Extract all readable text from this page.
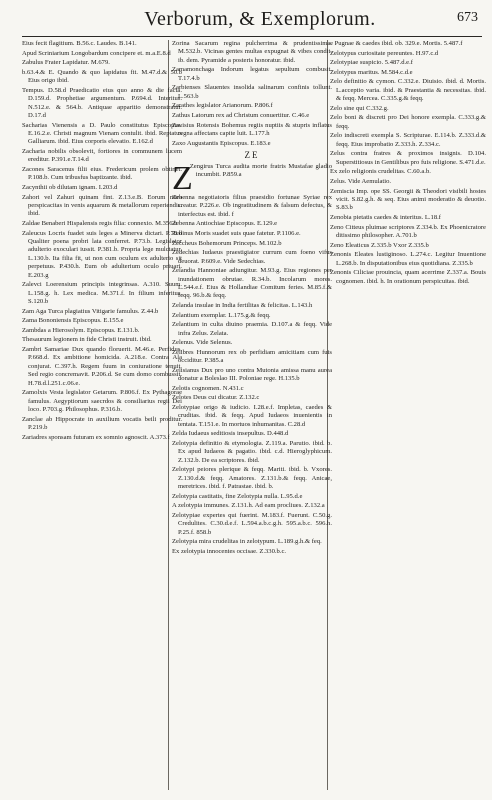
Verborum, & Exemplorum.	673
Eius fecit flagitium. B.56.c. Laudes. B.141.
Apud Scriniarium Longobardum concipere et. m.a.E.8.d
Zabulus Frater Lapidatur. M.679.
b.63.4.& E. Quando & quo lapidatus fit. M.47.d.& 50.b Eius origo ibid.
Tempus. D.58.d Praedicatio eius quo anno & die facta. D.159.d. Prophetiae argumentum. P.694.d. Interitus. N.512.e. & 564.b. Antiquae apparitio demonstratur. D.17.d
Sacharias Vienensis a D. Paulo constitutus Episcopus. E.16.2.e. Christi magnum Vienam contulit. ibid. Reptatus Galliarum. ibid. Eius corporis elevatio. E.162.d
Zacharia nobilis obsolevit, fortiores in communem lucem ereditur. P.391.e.T.14.d
Zacones Saracenus filii eius. Fredericum prolem obtinet. P.108.b. Cum tribusfus baptizante. ibid.
Zacynthii ob dilutam ignam. I.203.d
Zahori vel Zahuri quinam fint. Z.13.e.B. Eorum mira perspicacitas in venis aquarum & metallorum reperiendis. ibid.
Zaldae Benaberi Hispalensis regis filia: connexio. M.356.h
Zaleucus Locris fuadet suis leges a Minerva dictari. P.78.d Qualiter poena probri lata conferret. P.73.b. Legislator adulterio exoculari iussit. P.381.b. Propria lege mulctatur. L.130.b. Ita filia fit, ut non cum oculum ex adulterio sit perpetuus. P.430.h. Eum ob adulterium oculo priuari. E.203.g
Zalevci Loerensium principis integrinsas. A.310. Suum. L.158.g. h. Lex medica. M.371.f. In filium inferitus. S.120.b
Zam Aga Turca plagiatius Vitigarie famulus. Z.44.b
Zama Bononiensis Episcopus. E.155.e
Zambdas a Hierosolym. Episcopus. E.131.b.
Thesaurum legionem in fide Christi instruit. ibid.
Zambri Samariae Dux quando floruerit. M.46.e. Perfidus. P.668.d. Ex ambitione homicida. A.218.e. Contra Ala conjurat. C.397.h. Regem fuum in coniuratione tenuit. Sed regio concremavit. P.206.d. Se cum domo combussit. H.78.d.l.251.c.06.e.
Zamolxis Vesta legislator Getarum. P.806.f. Ex Pythagorae famulus. Aegyptiorum saecrdos & consiliarius regii Dei loco. P.703.g. Philosophus. P.316.b.
Zanclae ab Hippocrate in auxilium vocatis beili proditur. P.219.b
Zariadres sponsam futuram ex somnio agnoscit. A.373.f
Zorina Sacarum regina pulcherrima & prudentissima. M.532.b. Vicinas gentes multas expugnat & vibes condit. ib. dem. Pyramide a posteris honoratur. ibid.
Zamamonchaga Indorum legatus sepultum combusit. T.17.4.b
Zarbienses Slauentes insolida salinarum confinis tollunt. L.563.b
Zarathes legislator Arianorum. P.806.f
Zathus Latorum rex ad Christum conuertitur. C.46.e
Zavisius Rotensis Bohemus regiis nuptiis & stupris inflatus regna affectans capite luit. L.177.h
Zaxo Augustantis Episcopus. E.183.e
ZE
Z
Zengirus Turca audita morte fratris Mustafae gladio incumbit. P.859.a
Zebenna negotiatoris filius praesidio fortunae Syriae rex creatur. P.226.e. Ob ingratitudinem & falsum defectus, & interfectus est. ibid. f
Zebenna Antiochiae Episcopus. E.129.e
Zebinus Moris suadet suis quae fatetur. P.1106.e.
Zeccheus Bohemorum Princeps. M.102.b
Zedechias Iudaeus praestigiator currum cum foeno vifus deuorat. P.609.e. Vide Sedechias.
Zelandia Hannoniae adiungitur. M.93.g. Eius regiones per inundationem obrutae. R.34.b. Incolarum mores. L.544.e.f. Eius & Hollandiae Comitum feries. M.85.f.& feqq. 96.b.& feqq.
Zelanda insulae in India fertilitas & felicitas. L.143.h
Zelantium exemplar. L.175.g.& feqq.
Zelantium in culta diuino praemia. D.107.a & feqq. Vide infra Zelus. Zelata.
Zelenus. Vide Selenus.
Zelibres Hunnorum rex ob perfidiam amicitiam cum fuis occiditur. P.385.a
Zelisianus Dux pro uno contra Mutonia amissa manu aurea donatur a Boleslao III. Poloniae rege. H.135.b
Zelotis cognomen. N.431.c
Zelotes Deus cui dicatur. Z.132.c
Zelotypiae origo & iudicio. I.28.e.f. Impletas, caedes & cruditas. ibid. & feqq. Apud Iudaeos inuenientis in tentata. T.151.e. In mortuos inhumanitas. C.28.d
Zelda Iudaeus seditiosis insepultus. D.448.d
Zelotypia definitio & etymologia. Z.119.a. Parutio. ibid. b. Ex apud Iudaeos & pagatio. ibid. c.d. Hieroglyphicum. Z.132.b. De ea scriptores. ibid.
Zelotypi peiores plerique & feqq. Mariti. ibid. b. Vxores. Z.130.d.& feqq. Amatores. Z.131.b.& feqq. Anicae, meretrices. ibid. f. Patrastae. ibid. b.
Zelotypia castitatis, fine Zelotypia nulla. L.95.d.e
A zelotypia immunes. Z.131.h. Ad eam procliues. Z.132.a
Zelotypiae expertes qui fuerint. M.183.f. Fuerunt. C.50.g. Credulites. C.30.d.e.f. L.594.a.b.c.g.h. 595.a.b.c. 596.h. P.25.f. 858.b
Zelotypia mira crudelitas in zelotypum. L.189.g.h.& feq.
Ex zelotypia innocentes occisae. Z.330.b.c.
e Pugnae & caedes ibid. ob. 329.e. Mortis. 5.487.f
Zelotypus curiositate pereuntes. H.97.c.d
Zelotypiae suspicio. 5.487.d.e.f
Zelotypus maritus. M.584.c.d.e
Zelo definitio & cymon. C.332.e. Diuisio. ibid. d. Mortis. L.acceptio varia. ibid. & Praestantia & necessitas. ibid. & feqq. Mercea. C.335.g.& feqq.
Zelo sine qui C.332.g.
Zelo boni & discreti pro Dei honore exempla. C.333.g.& feqq.
Zelo indiscreti exempla S. Scripturae. E.114.b. Z.333.d.& feqq. Eius improbatio Z.333.h. Z.334.c.
Zelus contra fratres & proximos insignis. D.104. Superstitiosus in Gentilibus pro fuis religione. S.471.d.e.
Ex zelo religionis crudelitas. C.60.a.b.
Zelus. Vide Aemulatio.
Zemiscia Imp. ope SS. Georgii & Theodori visibili hostes vicit. S.82.g.h. & seq. Eius animi moderatio & deuotio. S.83.b
Zenobia pietatis caedes & interitus. L.18.f
Zeno Citteus pluimae scriptores Z.334.b. Ex Phoenicratore ditissimo philosopher. A.701.b
Zeno Eleaticus Z.335.b Vxor Z.335.b
Zenonis Eleates lustiginoso. L.274.c. Legitur Inuentione L.268.b. In disputationibus eius quotidiana. Z.335.b
Zenonis Ciliciae prouincia, quam acerrime Z.337.a. Bouis cognomen. ibid. h. In orationum perspicuitas. ibid.
